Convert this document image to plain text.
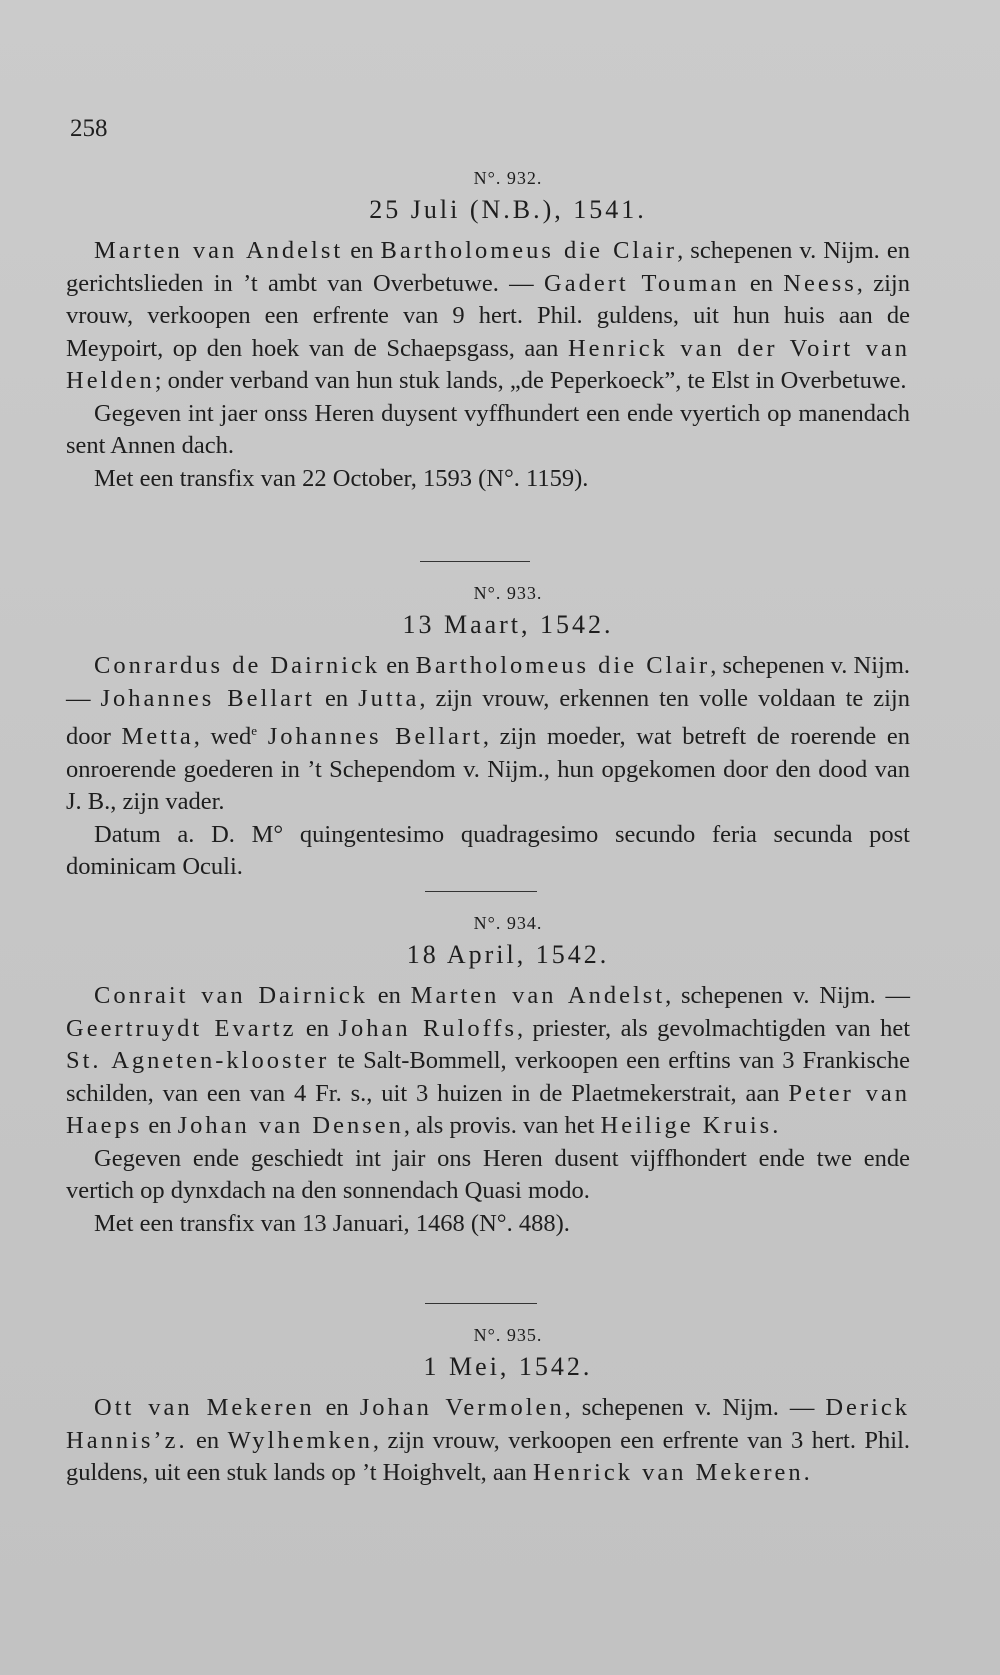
258
N°. 932.
25 Juli (N.B.), 1541.

Marten van Andelst en Bartholomeus die Clair, schepenen v. Nijm. en gerichtslieden in ’t ambt van Overbetuwe. — Gadert Touman en Neess, zijn vrouw, verkoopen een erfrente van 9 hert. Phil. guldens, uit hun huis aan de Meypoirt, op den hoek van de Schaepsgass, aan Henrick van der Voirt van Helden; onder verband van hun stuk lands, „de Peperkoeck”, te Elst in Overbetuwe.

Gegeven int jaer onss Heren duysent vyffhundert een ende vyertich op manendach sent Annen dach.

Met een transfix van 22 October, 1593 (N°. 1159).

N°. 933.
13 Maart, 1542.

Conrardus de Dairnick en Bartholomeus die Clair, schepenen v. Nijm. — Johannes Bellart en Jutta, zijn vrouw, erkennen ten volle voldaan te zijn door Metta, wed$^e$ Johannes Bellart, zijn moeder, wat betreft de roerende en onroerende goederen in ’t Schependom v. Nijm., hun opgekomen door den dood van J. B., zijn vader.

Datum a. D. M° quingentesimo quadragesimo secundo feria secunda post dominicam Oculi.

N°. 934.
18 April, 1542.

Conrait van Dairnick en Marten van Andelst, schepenen v. Nijm. — Geertruydt Evartz en Johan Ruloffs, priester, als gevolmachtigden van het St. Agneten-klooster te Salt-Bommell, verkoopen een erftins van 3 Frankische schilden, van een van 4 Fr. s., uit 3 huizen in de Plaetmekerstrait, aan Peter van Haeps en Johan van Densen, als provis. van het Heilige Kruis.

Gegeven ende geschiedt int jair ons Heren dusent vijffhondert ende twe ende vertich op dynxdach na den sonnendach Quasi modo.

Met een transfix van 13 Januari, 1468 (N°. 488).

N°. 935.
1 Mei, 1542.

Ott van Mekeren en Johan Vermolen, schepenen v. Nijm. — Derick Hannis’z. en Wylhemken, zijn vrouw, verkoopen een erfrente van 3 hert. Phil. guldens, uit een stuk lands op ’t Hoighvelt, aan Henrick van Mekeren.
